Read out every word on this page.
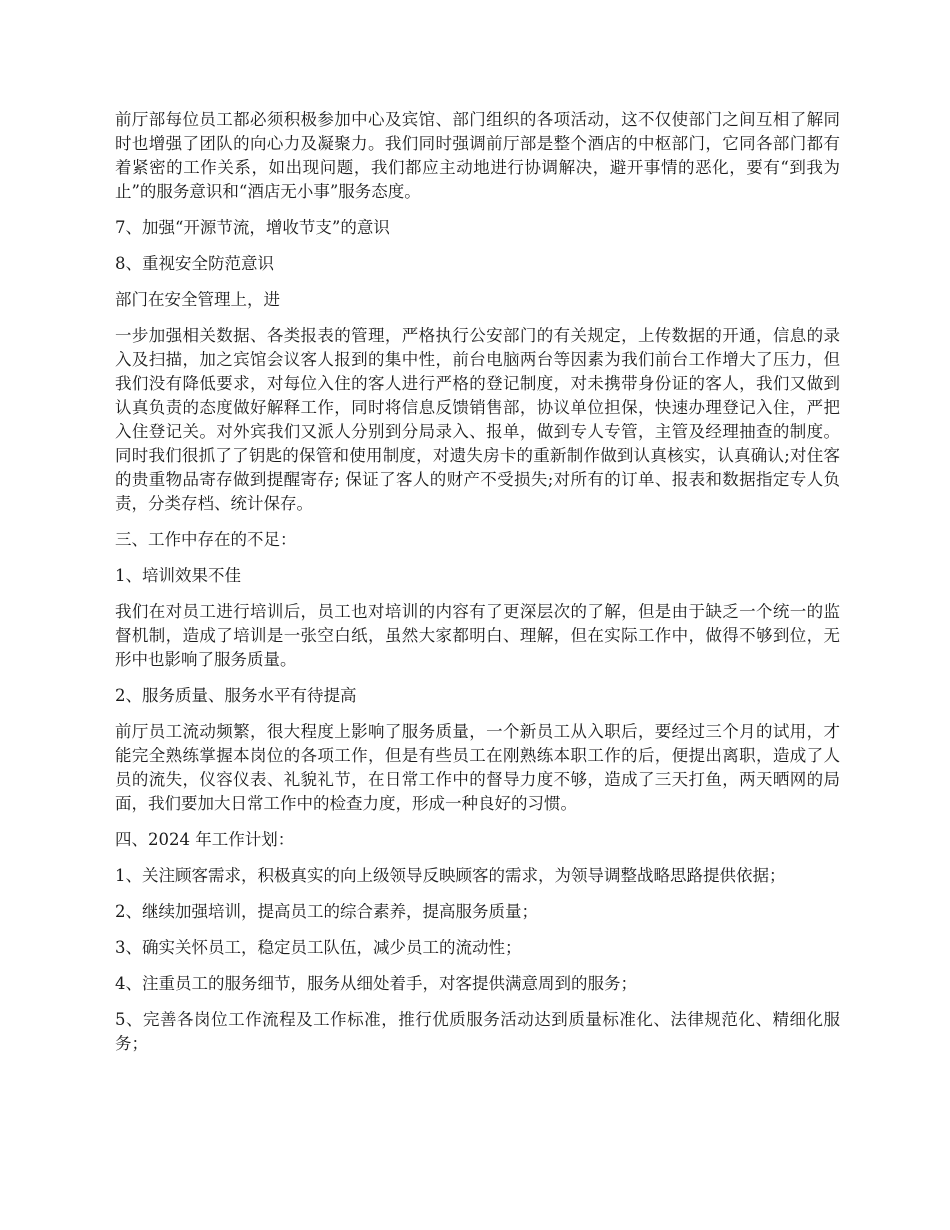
前厅部每位员工都必须积极参加中心及宾馆、部门组织的各项活动，这不仅使部门之间互相了解同时也增强了团队的向心力及凝聚力。我们同时强调前厅部是整个酒店的中枢部门，它同各部门都有着紧密的工作关系，如出现问题，我们都应主动地进行协调解决，避开事情的恶化，要有“到我为止”的服务意识和“酒店无小事”服务态度。

7、加强“开源节流，增收节支”的意识

8、重视安全防范意识

部门在安全管理上，进

一步加强相关数据、各类报表的管理，严格执行公安部门的有关规定，上传数据的开通，信息的录入及扫描，加之宾馆会议客人报到的集中性，前台电脑两台等因素为我们前台工作增大了压力，但我们没有降低要求，对每位入住的客人进行严格的登记制度，对未携带身份证的客人，我们又做到认真负责的态度做好解释工作，同时将信息反馈销售部，协议单位担保，快速办理登记入住，严把入住登记关。对外宾我们又派人分别到分局录入、报单，做到专人专管，主管及经理抽查的制度。同时我们很抓了了钥匙的保管和使用制度，对遗失房卡的重新制作做到认真核实，认真确认;对住客的贵重物品寄存做到提醒寄存; 保证了客人的财产不受损失;对所有的订单、报表和数据指定专人负责，分类存档、统计保存。

三、工作中存在的不足：

1、培训效果不佳

我们在对员工进行培训后，员工也对培训的内容有了更深层次的了解，但是由于缺乏一个统一的监督机制，造成了培训是一张空白纸，虽然大家都明白、理解，但在实际工作中，做得不够到位，无形中也影响了服务质量。

2、服务质量、服务水平有待提高

前厅员工流动频繁，很大程度上影响了服务质量，一个新员工从入职后，要经过三个月的试用，才能完全熟练掌握本岗位的各项工作，但是有些员工在刚熟练本职工作的后，便提出离职，造成了人员的流失，仪容仪表、礼貌礼节，在日常工作中的督导力度不够，造成了三天打鱼，两天晒网的局面，我们要加大日常工作中的检查力度，形成一种良好的习惯。

四、2024 年工作计划：

1、关注顾客需求，积极真实的向上级领导反映顾客的需求，为领导调整战略思路提供依据；

2、继续加强培训，提高员工的综合素养，提高服务质量；

3、确实关怀员工，稳定员工队伍，减少员工的流动性；

4、注重员工的服务细节，服务从细处着手，对客提供满意周到的服务；

5、完善各岗位工作流程及工作标准，推行优质服务活动达到质量标准化、法律规范化、精细化服务；
